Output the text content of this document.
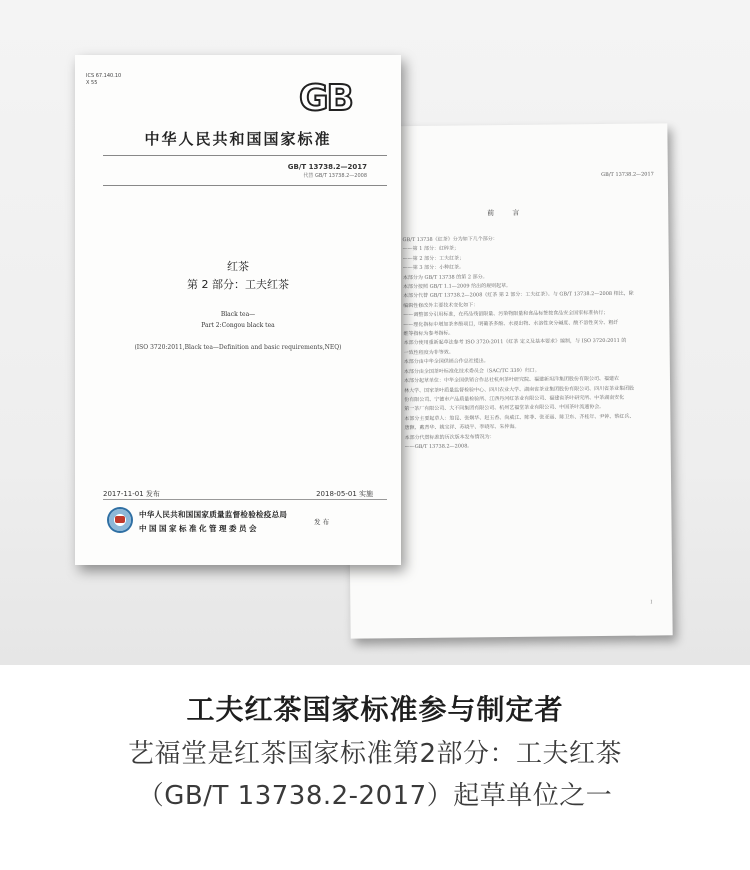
GB/T 13738.2—2017
前 言
GB/T 13738《红茶》分为如下几个部分：
——第 1 部分：红碎茶；
——第 2 部分：工夫红茶；
——第 3 部分：小种红茶。
本部分为 GB/T 13738 的第 2 部分。
本部分按照 GB/T 1.1—2009 给出的规则起草。
本部分代替 GB/T 13738.2—2008《红茶 第 2 部分：工夫红茶》。与 GB/T 13738.2—2008 相比，除
编辑性修改外主要技术变化如下：
——调整部分引用标准，在药品残留限量、污染物限量和食品标签按食品安全国家标准执行；
——理化指标中增加茶多酚项目，明确茶多酚、水浸出物、水溶性灰分碱度、酸不溶性灰分、粗纤
维等指标为参考指标。
本部分使用重新起草法参考 ISO 3720:2011《红茶 定义及基本要求》编制，与 ISO 3720:2011 的
一致性程度为非等效。
本部分由中华全国供销合作总社提出。
本部分由全国茶叶标准化技术委员会（SAC/TC 339）归口。
本部分起草单位：中华全国供销合作总社杭州茶叶研究院、福建新坦洋集团股份有限公司、福建农
林大学、国家茶叶质量监督检验中心、四川农业大学、湖南省茶业集团股份有限公司、四川省茶业集团股
份有限公司、宁德市产品质量检验所、江西丹河红茶业有限公司、福建省茶叶研究所、中茶湖南安化
第一茶厂有限公司、大不同集团有限公司、杭州艺福堂茶业有限公司、中国茶叶流通协会。
本部分主要起草人：翁昆、张娴华、赵玉香、尚威江、陈菲、张亚丽、陈卫东、齐桂年、尹钟、蔡红兵、
唐颢、戴青华、姚宝祥、苏晓平、李晓军、朱仲海。
本部分代替标准的历次版本发布情况为：
——GB/T 13738.2—2008。
I
ICS 67.140.10
X 55	GB
中华人民共和国国家标准
GB/T 13738.2—2017
代替 GB/T 13738.2—2008
红茶
第 2 部分：工夫红茶
Black tea—
Part 2:Congou black tea
(ISO 3720:2011,Black tea—Definition and basic requirements,NEQ)
2017-11-01 发布	2018-05-01 实施
中华人民共和国国家质量监督检验检疫总局
中国国家标准化管理委员会
发 布
工夫红茶国家标准参与制定者
艺福堂是红茶国家标准第2部分：工夫红茶
（GB/T 13738.2-2017）起草单位之一
